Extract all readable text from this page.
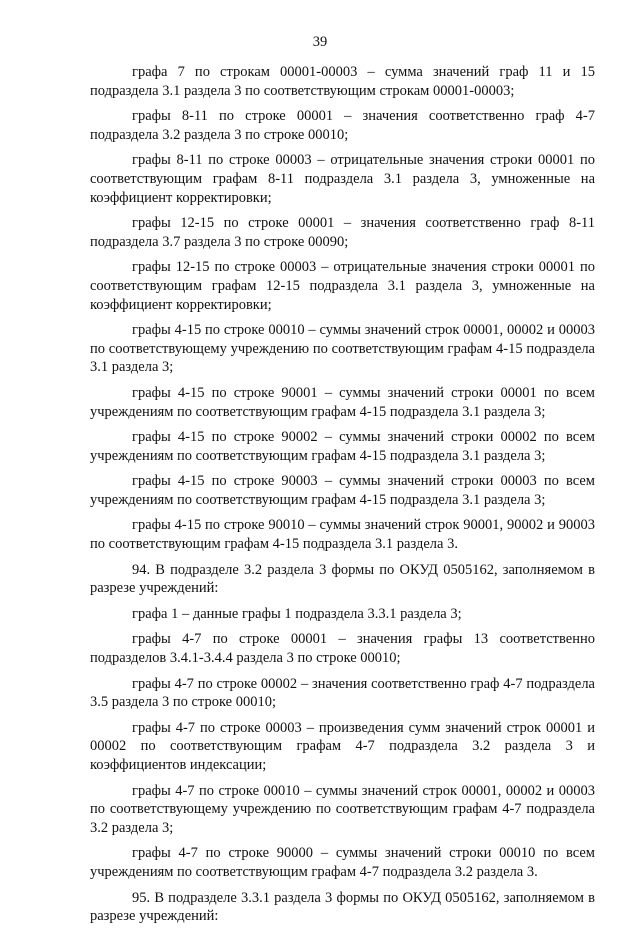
39

графа 7 по строкам 00001-00003 – сумма значений граф 11 и 15 подраздела 3.1 раздела 3 по соответствующим строкам 00001-00003;

графы 8-11 по строке 00001 – значения соответственно граф 4-7 подраздела 3.2 раздела 3 по строке 00010;

графы 8-11 по строке 00003 – отрицательные значения строки 00001 по соответствующим графам 8-11 подраздела 3.1 раздела 3, умноженные на коэффициент корректировки;

графы 12-15 по строке 00001 – значения соответственно граф 8-11 подраздела 3.7 раздела 3 по строке 00090;

графы 12-15 по строке 00003 – отрицательные значения строки 00001 по соответствующим графам 12-15 подраздела 3.1 раздела 3, умноженные на коэффициент корректировки;

графы 4-15 по строке 00010 – суммы значений строк 00001, 00002 и 00003 по соответствующему учреждению по соответствующим графам 4-15 подраздела 3.1 раздела 3;

графы 4-15 по строке 90001 – суммы значений строки 00001 по всем учреждениям по соответствующим графам 4-15 подраздела 3.1 раздела 3;

графы 4-15 по строке 90002 – суммы значений строки 00002 по всем учреждениям по соответствующим графам 4-15 подраздела 3.1 раздела 3;

графы 4-15 по строке 90003 – суммы значений строки 00003 по всем учреждениям по соответствующим графам 4-15 подраздела 3.1 раздела 3;

графы 4-15 по строке 90010 – суммы значений строк 90001, 90002 и 90003 по соответствующим графам 4-15 подраздела 3.1 раздела 3.

94. В подразделе 3.2 раздела 3 формы по ОКУД 0505162, заполняемом в разрезе учреждений:

графа 1 – данные графы 1 подраздела 3.3.1 раздела 3;

графы 4-7 по строке 00001 – значения графы 13 соответственно подразделов 3.4.1-3.4.4 раздела 3 по строке 00010;

графы 4-7 по строке 00002 – значения соответственно граф 4-7 подраздела 3.5 раздела 3 по строке 00010;

графы 4-7 по строке 00003 – произведения сумм значений строк 00001 и 00002 по соответствующим графам 4-7 подраздела 3.2 раздела 3 и коэффициентов индексации;

графы 4-7 по строке 00010 – суммы значений строк 00001, 00002 и 00003 по соответствующему учреждению по соответствующим графам 4-7 подраздела 3.2 раздела 3;

графы 4-7 по строке 90000 – суммы значений строки 00010 по всем учреждениям по соответствующим графам 4-7 подраздела 3.2 раздела 3.

95. В подразделе 3.3.1 раздела 3 формы по ОКУД 0505162, заполняемом в разрезе учреждений:
